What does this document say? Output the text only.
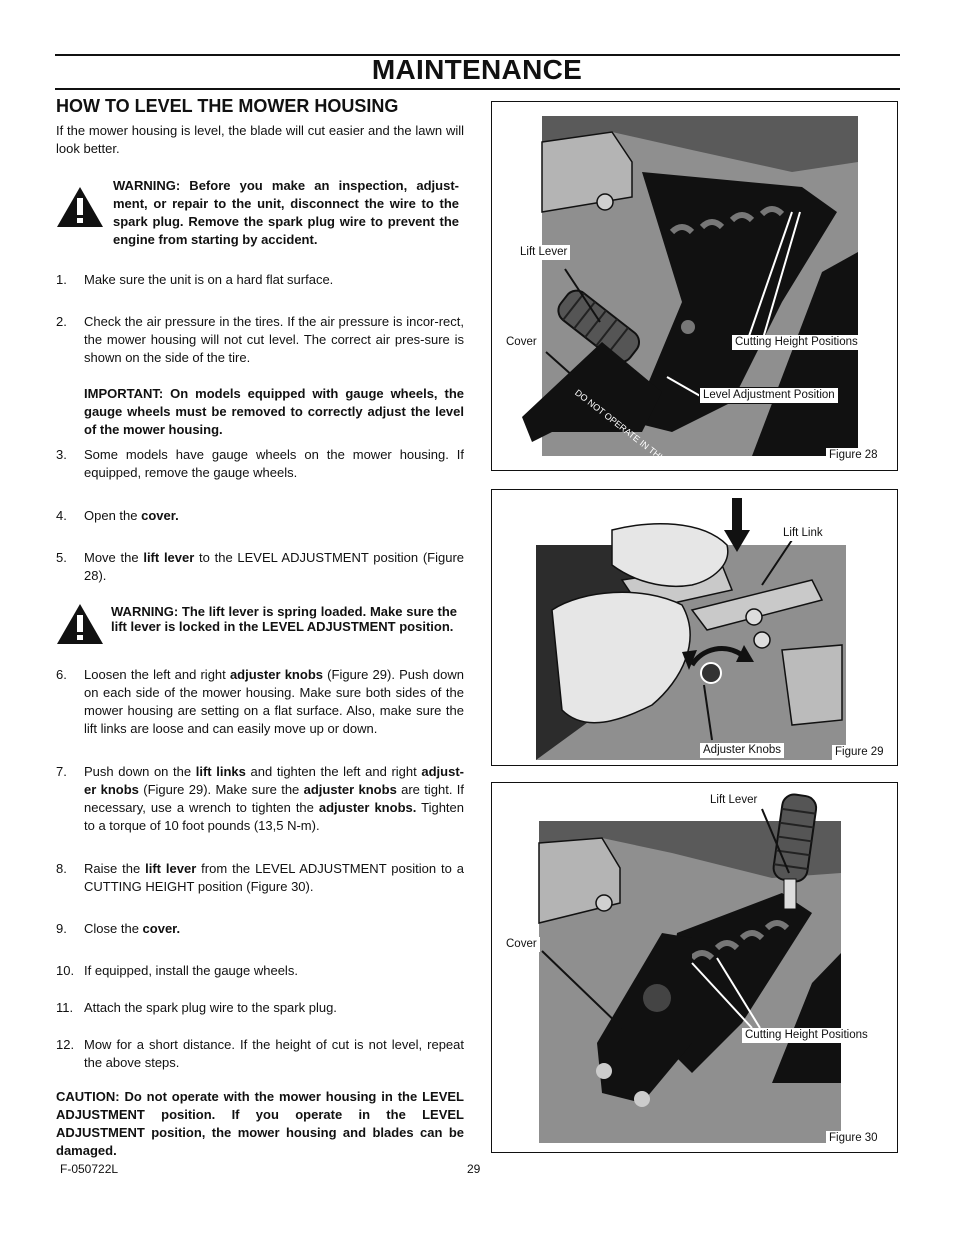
MAINTENANCE
HOW TO LEVEL THE MOWER HOUSING
If the mower housing is level, the blade will cut easier and the lawn will look better.
WARNING: Before you make an inspection, adjust-ment, or repair to the unit, disconnect the wire to the spark plug. Remove the spark plug wire to prevent the engine from starting by accident.
1.	Make sure the unit is on a hard flat surface.
2.	Check the air pressure in the tires. If the air pressure is incor-rect, the mower housing will not cut level. The correct air pres-sure is shown on the side of the tire.
IMPORTANT: On models equipped with gauge wheels, the gauge wheels must be removed to correctly adjust the level of the mower housing.
3.	Some models have gauge wheels on the mower housing. If equipped, remove the gauge wheels.
4.	Open the cover.
5.	Move the lift lever to the LEVEL ADJUSTMENT position (Figure 28).
WARNING: The lift lever is spring loaded. Make sure the lift lever is locked in the LEVEL ADJUSTMENT position.
6.	Loosen the left and right adjuster knobs (Figure 29). Push down on each side of the mower housing. Make sure both sides of the mower housing are setting on a flat surface. Also, make sure the lift links are loose and can easily move up or down.
7.	Push down on the lift links and tighten the left and right adjust-er knobs (Figure 29). Make sure the adjuster knobs are tight. If necessary, use a wrench to tighten the adjuster knobs. Tighten to a torque of 10 foot pounds (13,5 N-m).
8.	Raise the lift lever from the LEVEL ADJUSTMENT position to a CUTTING HEIGHT position (Figure 30).
9.	Close the cover.
10. If equipped, install the gauge wheels.
11. Attach the spark plug wire to the spark plug.
12. Mow for a short distance. If the height of cut is not level, repeat the above steps.
CAUTION: Do not operate with the mower housing in the LEVEL ADJUSTMENT position. If you operate in the LEVEL ADJUSTMENT position, the mower housing and blades can be damaged.
F-050722L	29
DO NOT OPERATE IN THIS
Lift Lever
Cover	Cutting Height Positions
Level Adjustment Position
Figure 28
Lift Link
Adjuster Knobs	Figure 29
Lift Lever
Cover
Cutting Height Positions
Figure 30
